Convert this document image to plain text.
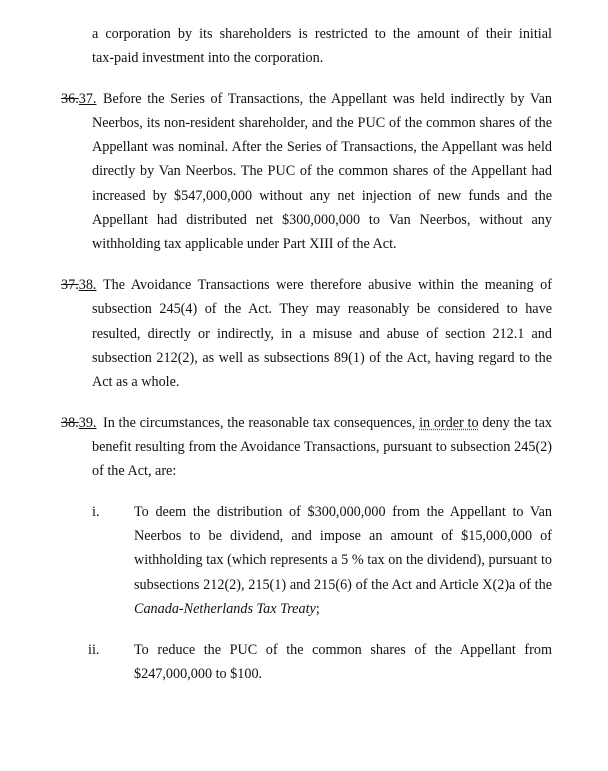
a corporation by its shareholders is restricted to the amount of their initial
tax-paid investment into the corporation.
36.37. Before the Series of Transactions, the Appellant was held indirectly by Van
Neerbos, its non-resident shareholder, and the PUC of the common shares of the
Appellant was nominal. After the Series of Transactions, the Appellant was held
directly by Van Neerbos. The PUC of the common shares of the Appellant had
increased by $547,000,000 without any net injection of new funds and the
Appellant had distributed net $300,000,000 to Van Neerbos, without any
withholding tax applicable under Part XIII of the Act.
37.38. The Avoidance Transactions were therefore abusive within the meaning of
subsection 245(4) of the Act. They may reasonably be considered to have
resulted, directly or indirectly, in a misuse and abuse of section 212.1 and
subsection 212(2), as well as subsections 89(1) of the Act, having regard to the
Act as a whole.
38.39. In the circumstances, the reasonable tax consequences, in order to deny the tax
benefit resulting from the Avoidance Transactions, pursuant to subsection 245(2)
of the Act, are:
i. To deem the distribution of $300,000,000 from the Appellant to Van
Neerbos to be dividend, and impose an amount of $15,000,000 of
withholding tax (which represents a 5 % tax on the dividend), pursuant to
subsections 212(2), 215(1) and 215(6) of the Act and Article X(2)a of the
Canada-Netherlands Tax Treaty;
ii. To reduce the PUC of the common shares of the Appellant from
$247,000,000 to $100.
